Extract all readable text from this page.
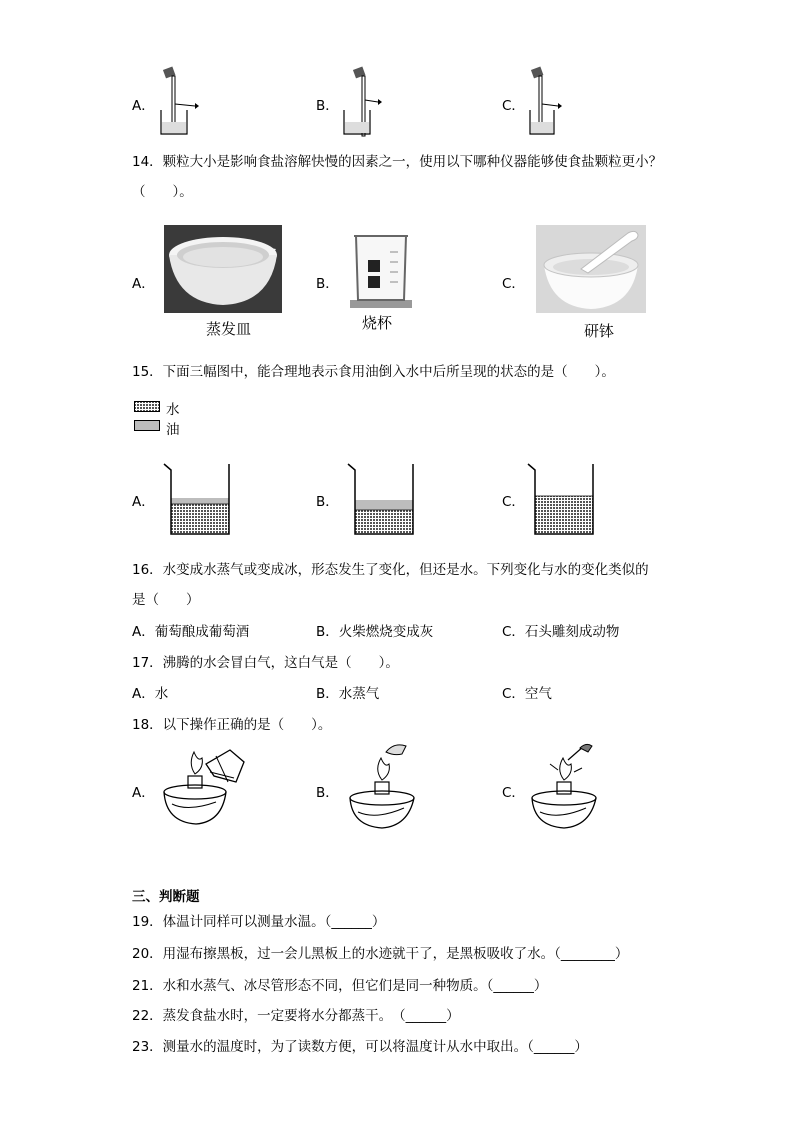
A．	B．	C．
14．颗粒大小是影响食盐溶解快慢的因素之一，使用以下哪种仪器能够使食盐颗粒更小？
（　　）。
A．	B．	C．
蒸发皿	烧杯	研钵
15．下面三幅图中，能合理地表示食用油倒入水中后所呈现的状态的是（　　）。
水
油
A．	B．	C．
16．水变成水蒸气或变成冰，形态发生了变化，但还是水。下列变化与水的变化类似的
是（　　）
A．葡萄酿成葡萄酒	B．火柴燃烧变成灰	C．石头雕刻成动物
17．沸腾的水会冒白气，这白气是（　　）。
A．水	B．水蒸气	C．空气
18．以下操作正确的是（　　）。
A．	B．	C．
三、判断题
19．体温计同样可以测量水温。（______）
20．用湿布擦黑板，过一会儿黑板上的水迹就干了，是黑板吸收了水。（________）
21．水和水蒸气、冰尽管形态不同，但它们是同一种物质。（______）
22．蒸发食盐水时，一定要将水分都蒸干。　（______）
23．测量水的温度时，为了读数方便，可以将温度计从水中取出。（______）
